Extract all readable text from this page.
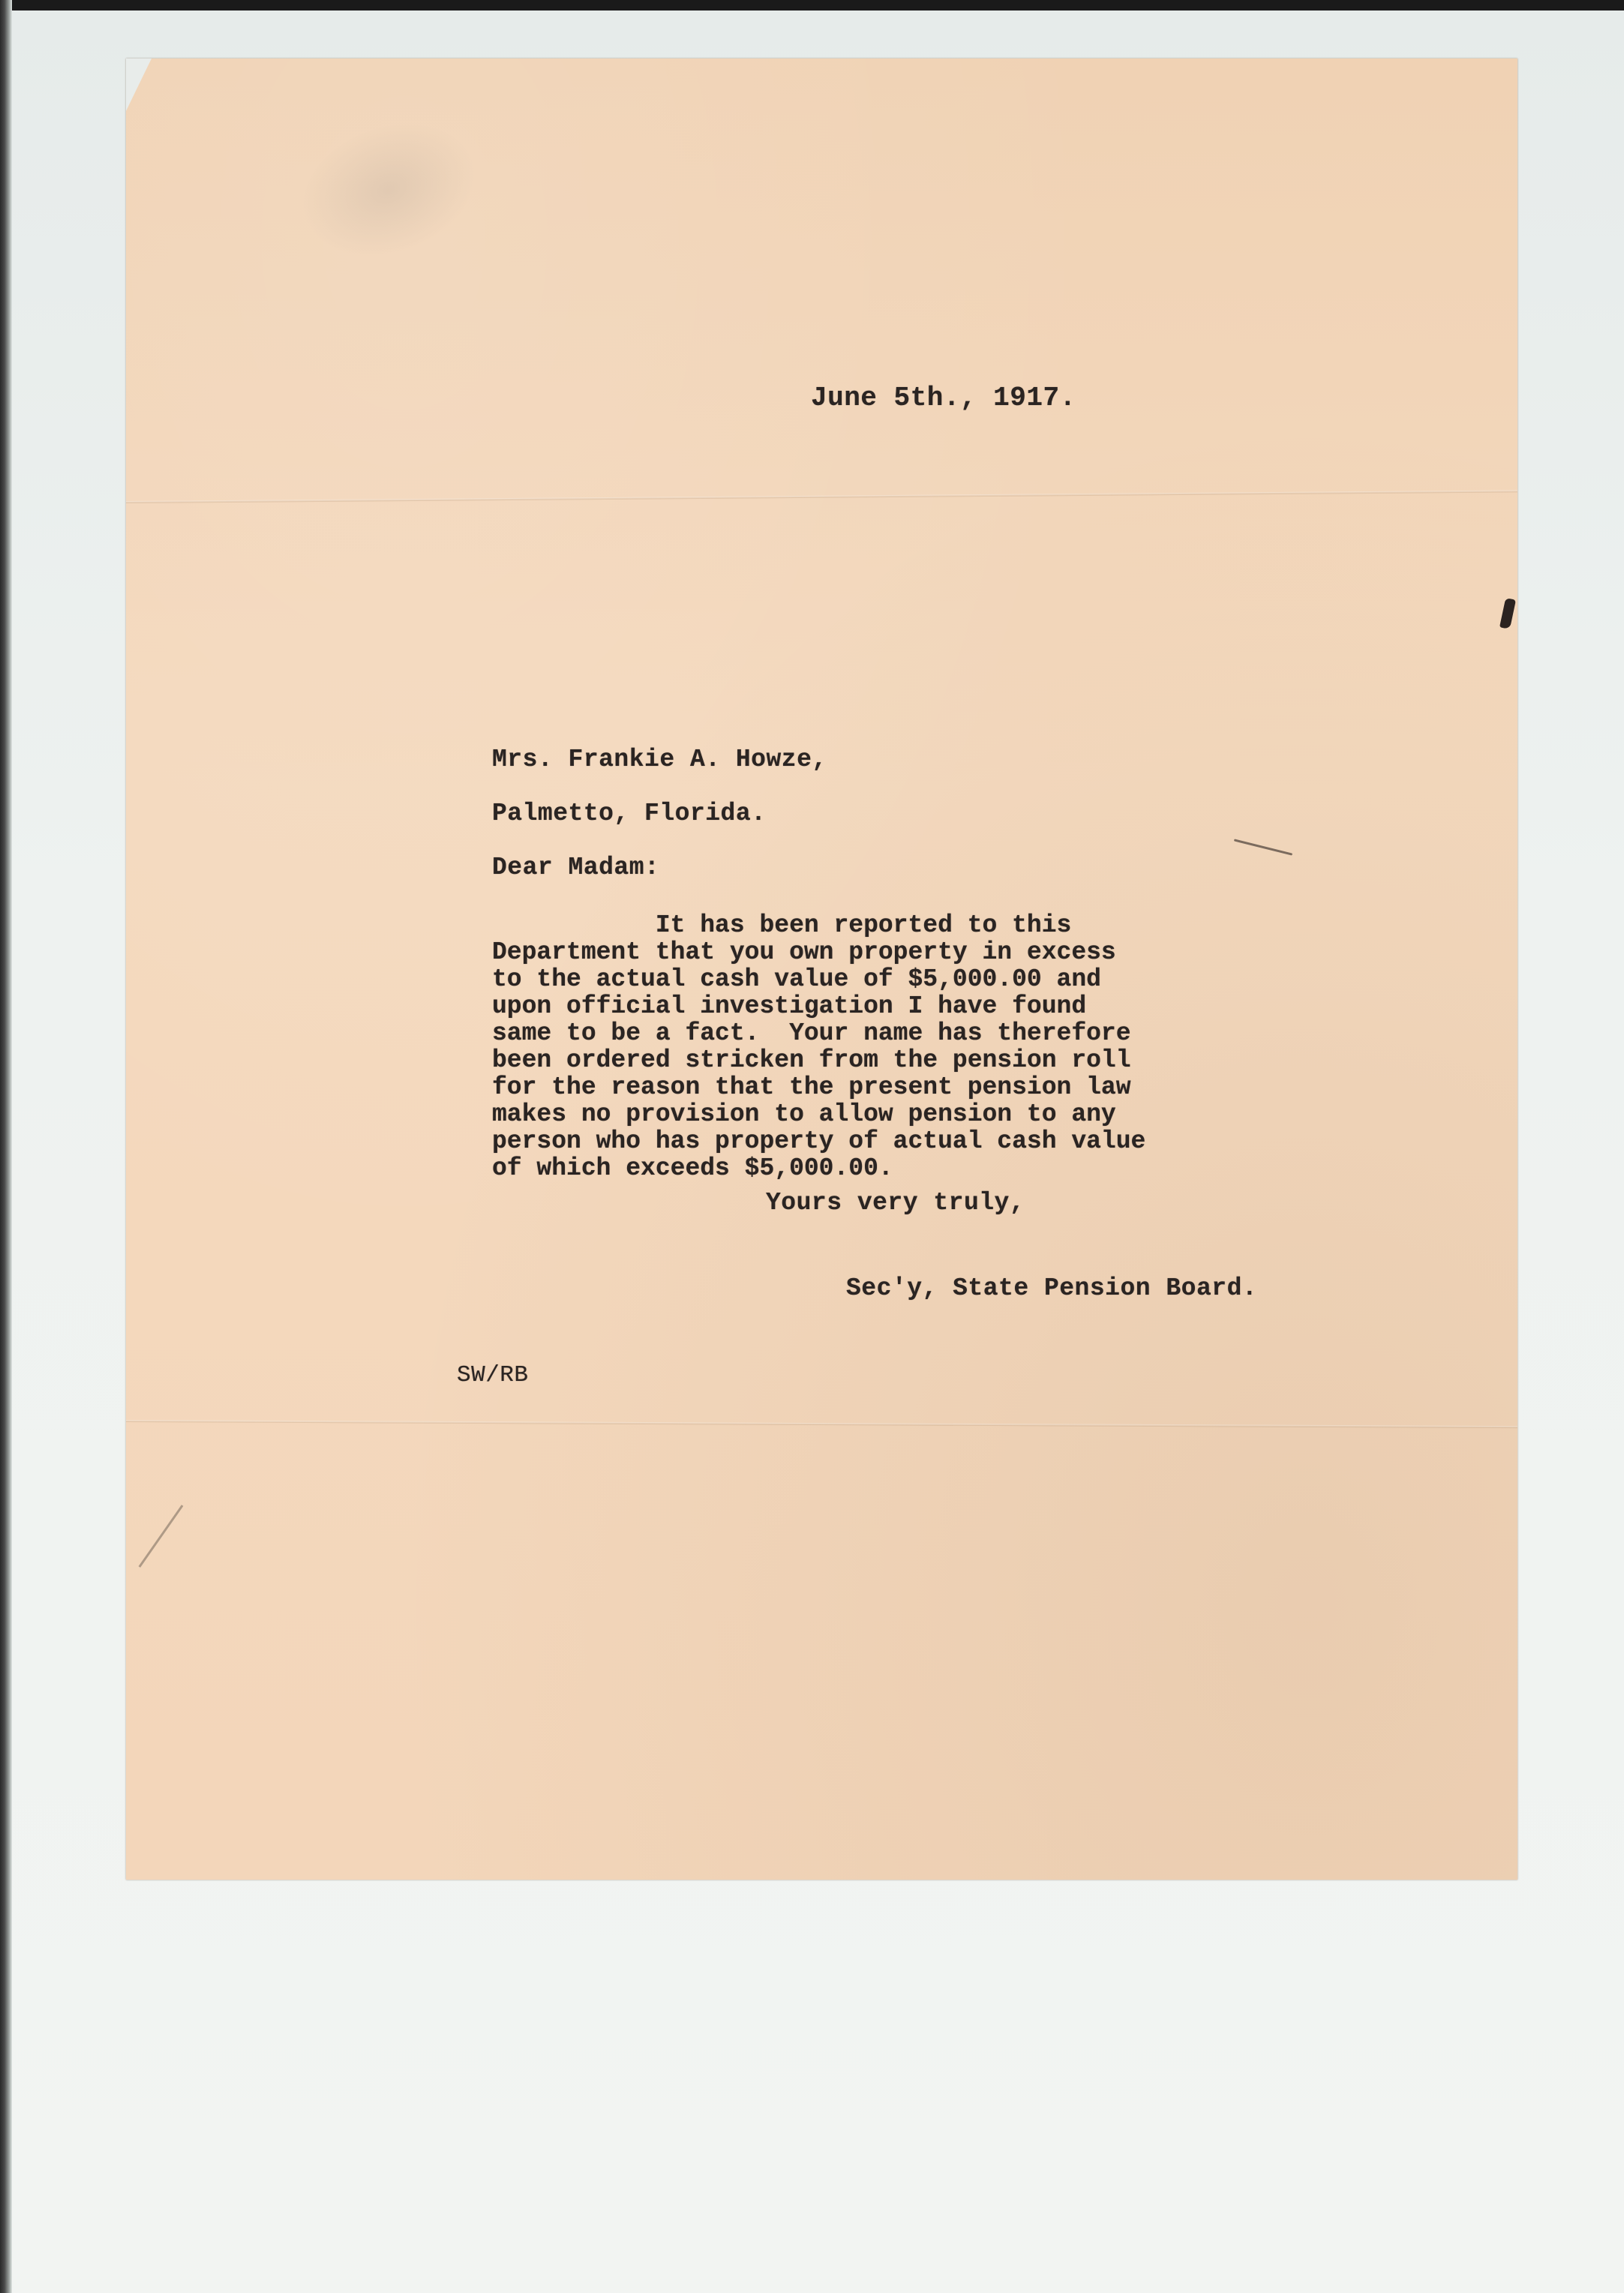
June 5th., 1917.

Mrs. Frankie A. Howze,

Palmetto, Florida.

Dear Madam:

It has been reported to this
Department that you own property in excess
to the actual cash value of $5,000.00 and
upon official investigation I have found
same to be a fact.  Your name has therefore
been ordered stricken from the pension roll
for the reason that the present pension law
makes no provision to allow pension to any
person who has property of actual cash value
of which exceeds $5,000.00.

Yours very truly,

Sec'y, State Pension Board.

SW/RB
